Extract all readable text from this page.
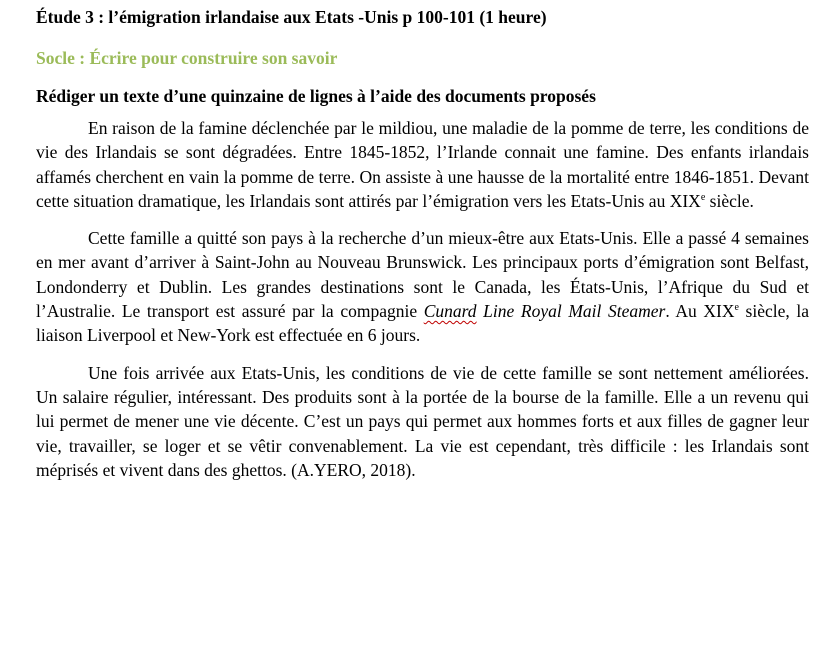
Étude 3 : l’émigration irlandaise aux Etats -Unis p 100-101 (1 heure)

Socle : Écrire pour construire son savoir

Rédiger un texte d’une quinzaine de lignes à l’aide des documents proposés

En raison de la famine déclenchée par le mildiou, une maladie de la pomme de terre, les conditions de vie des Irlandais se sont dégradées. Entre 1845-1852, l’Irlande connait une famine. Des enfants irlandais affamés cherchent en vain la pomme de terre. On assiste à une hausse de la mortalité entre 1846-1851. Devant cette situation dramatique, les Irlandais sont attirés par l’émigration vers les Etats-Unis au XIXe siècle.

Cette famille a quitté son pays à la recherche d’un mieux-être aux Etats-Unis. Elle a passé 4 semaines en mer avant d’arriver à Saint-John au Nouveau Brunswick. Les principaux ports d’émigration sont Belfast, Londonderry et Dublin. Les grandes destinations sont le Canada, les États-Unis, l’Afrique du Sud et l’Australie. Le transport est assuré par la compagnie Cunard Line Royal Mail Steamer. Au XIXe siècle, la liaison Liverpool et New-York est effectuée en 6 jours.

Une fois arrivée aux Etats-Unis, les conditions de vie de cette famille se sont nettement améliorées. Un salaire régulier, intéressant. Des produits sont à la portée de la bourse de la famille. Elle a un revenu qui lui permet de mener une vie décente. C’est un pays qui permet aux hommes forts et aux filles de gagner leur vie, travailler, se loger et se vêtir convenablement. La vie est cependant, très difficile : les Irlandais sont méprisés et vivent dans des ghettos. (A.YERO, 2018).
